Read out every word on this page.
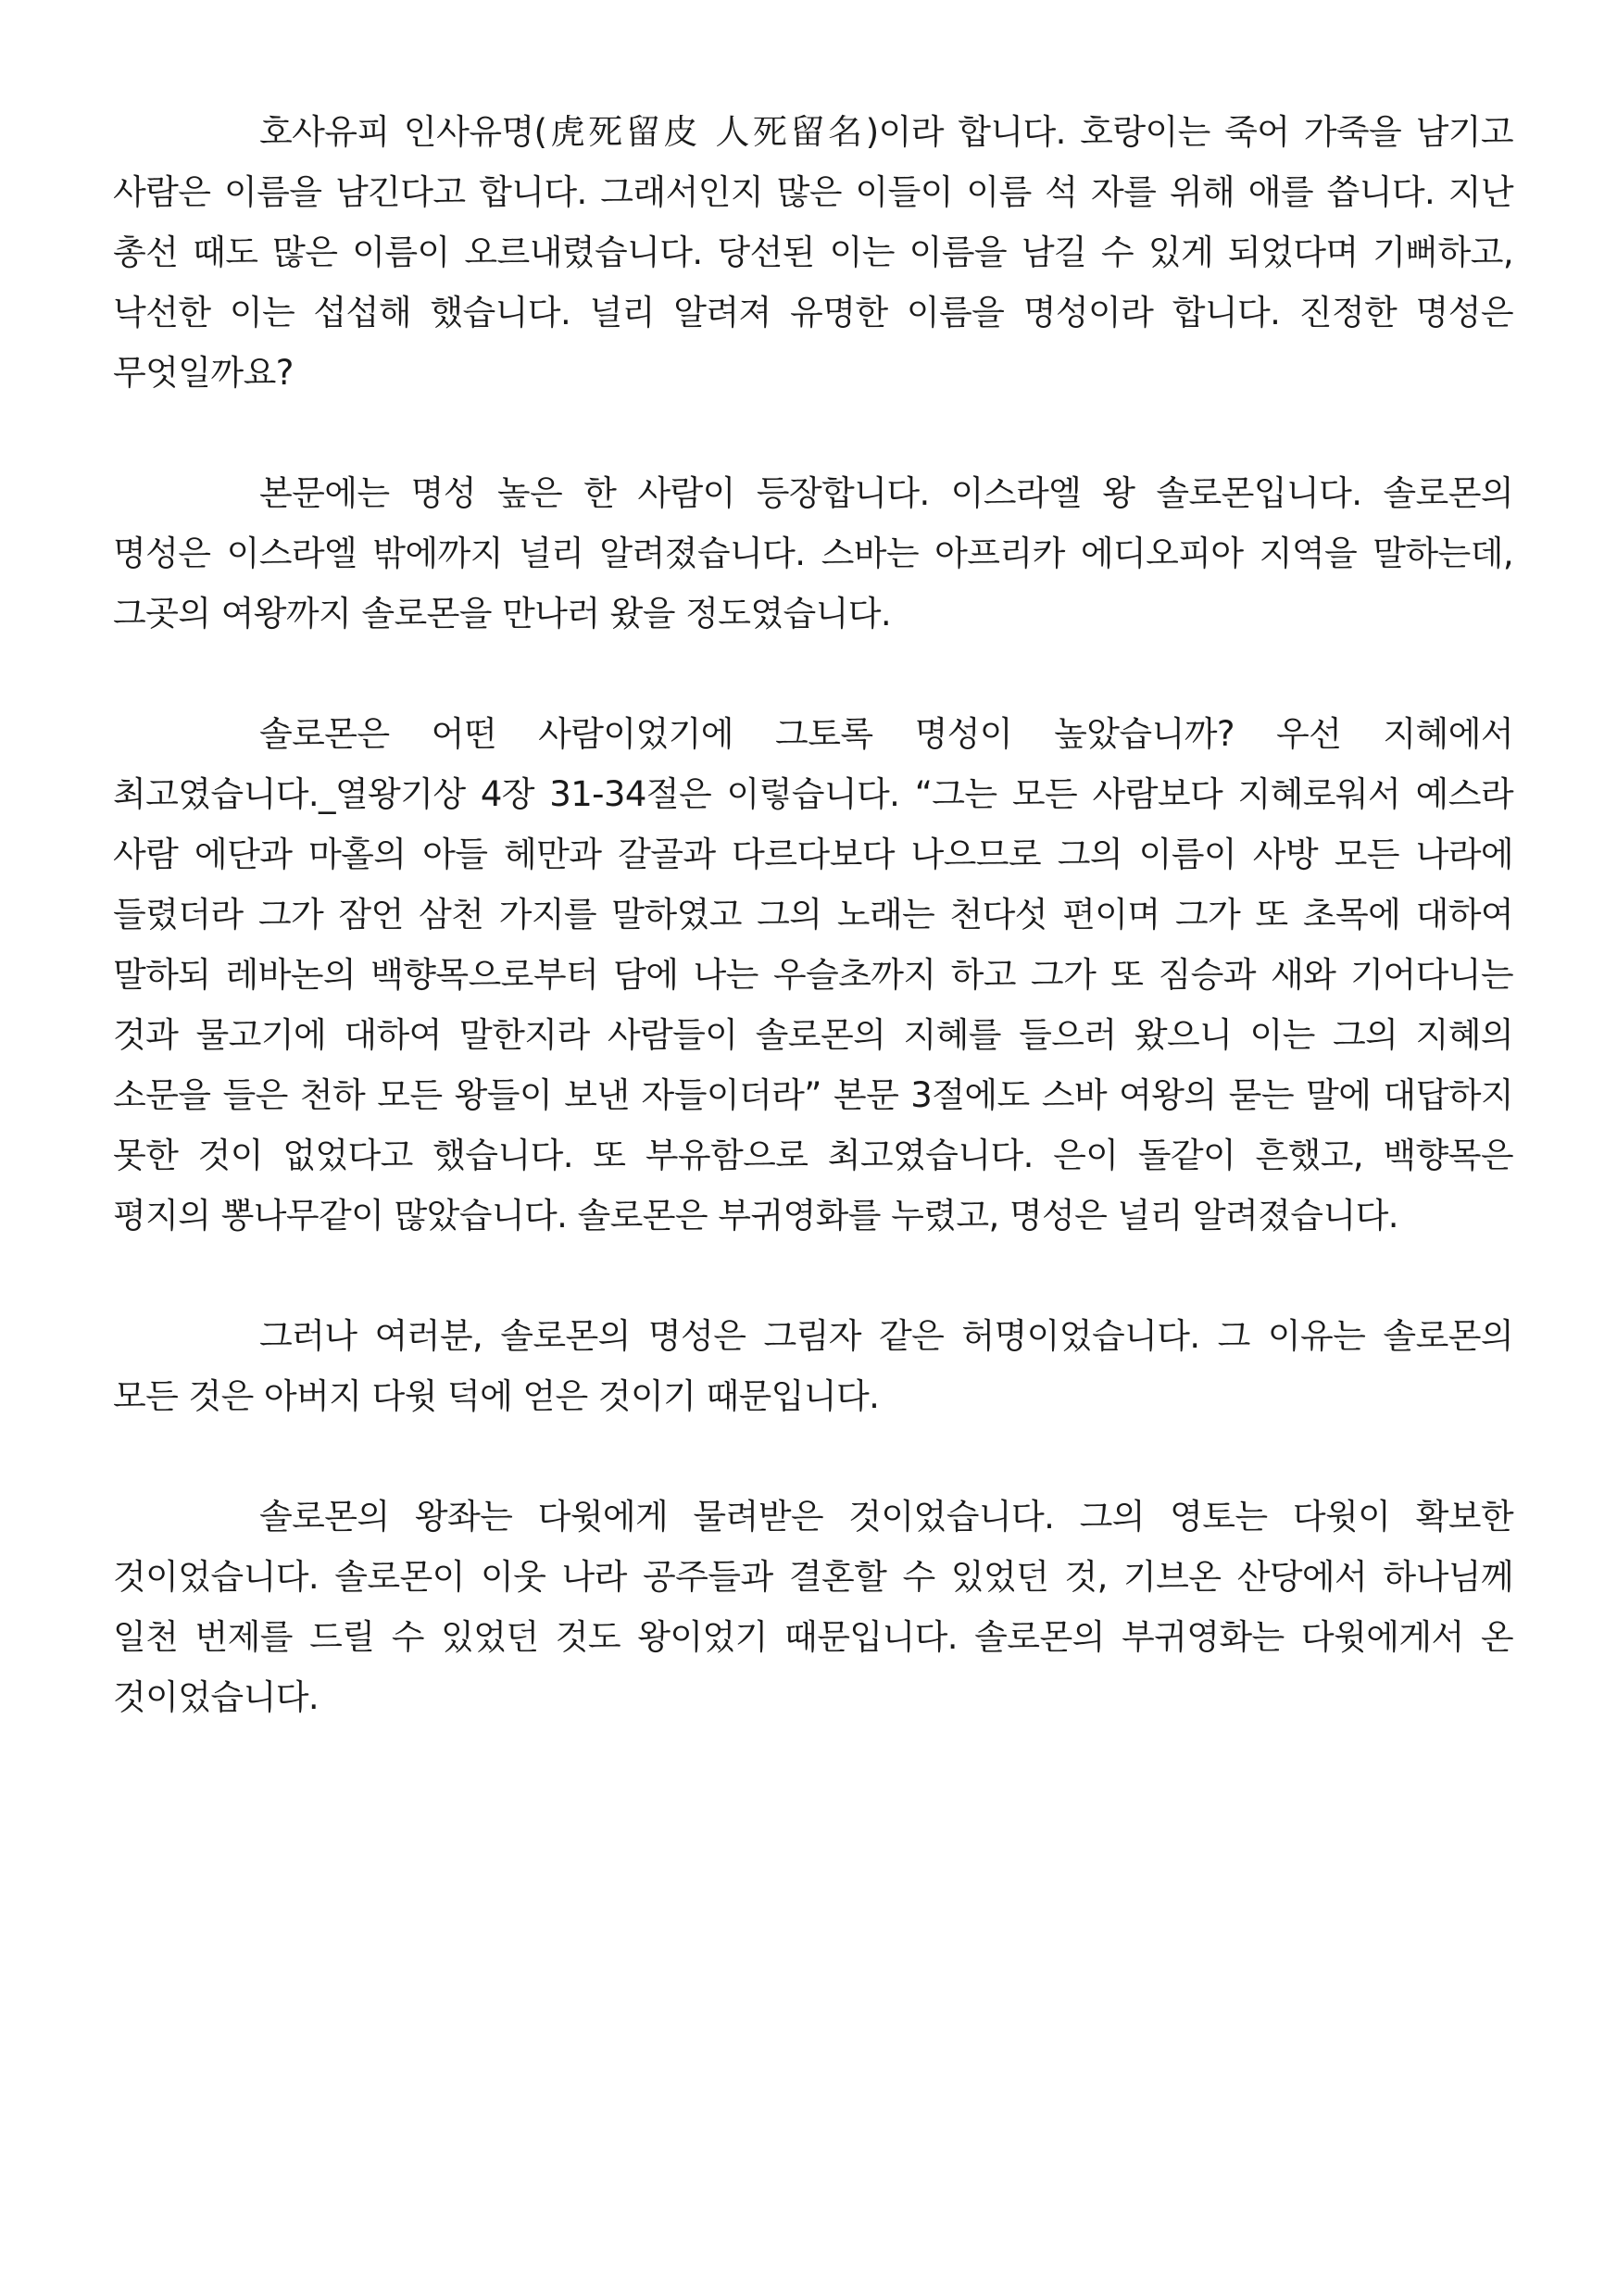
호사유피 인사유명(虎死留皮 人死留名)이라 합니다. 호랑이는 죽어 가죽을 남기고 사람은 이름을 남긴다고 합니다. 그래서인지 많은 이들이 이름 석 자를 위해 애를 씁니다. 지난 총선 때도 많은 이름이 오르내렸습니다. 당선된 이는 이름을 남길 수 있게 되었다며 기뻐하고, 낙선한 이는 섭섭해 했습니다. 널리 알려져 유명한 이름을 명성이라 합니다. 진정한 명성은 무엇일까요?

본문에는 명성 높은 한 사람이 등장합니다. 이스라엘 왕 솔로몬입니다. 솔로몬의 명성은 이스라엘 밖에까지 널리 알려졌습니다. 스바는 아프리카 에디오피아 지역을 말하는데, 그곳의 여왕까지 솔로몬을 만나러 왔을 정도였습니다.

솔로몬은 어떤 사람이었기에 그토록 명성이 높았습니까? 우선 지혜에서 최고였습니다._열왕기상 4장 31-34절은 이렇습니다. “그는 모든 사람보다 지혜로워서 예스라 사람 에단과 마홀의 아들 헤만과 갈골과 다르다보다 나으므로 그의 이름이 사방 모든 나라에 들렸더라 그가 잠언 삼천 가지를 말하였고 그의 노래는 천다섯 편이며 그가 또 초목에 대하여 말하되 레바논의 백향목으로부터 담에 나는 우슬초까지 하고 그가 또 짐승과 새와 기어다니는 것과 물고기에 대하여 말한지라 사람들이 솔로몬의 지혜를 들으러 왔으니 이는 그의 지혜의 소문을 들은 천하 모든 왕들이 보낸 자들이더라” 본문 3절에도 스바 여왕의 묻는 말에 대답하지 못한 것이 없었다고 했습니다. 또 부유함으로 최고였습니다. 은이 돌같이 흔했고, 백향목은 평지의 뽕나무같이 많았습니다. 솔로몬은 부귀영화를 누렸고, 명성은 널리 알려졌습니다.

그러나 여러분, 솔로몬의 명성은 그림자 같은 허명이었습니다. 그 이유는 솔로몬의 모든 것은 아버지 다윗 덕에 얻은 것이기 때문입니다.

솔로몬의 왕좌는 다윗에게 물려받은 것이었습니다. 그의 영토는 다윗이 확보한 것이었습니다. 솔로몬이 이웃 나라 공주들과 결혼할 수 있었던 것, 기브온 산당에서 하나님께 일천 번제를 드릴 수 있었던 것도 왕이었기 때문입니다. 솔로몬의 부귀영화는 다윗에게서 온 것이었습니다.
